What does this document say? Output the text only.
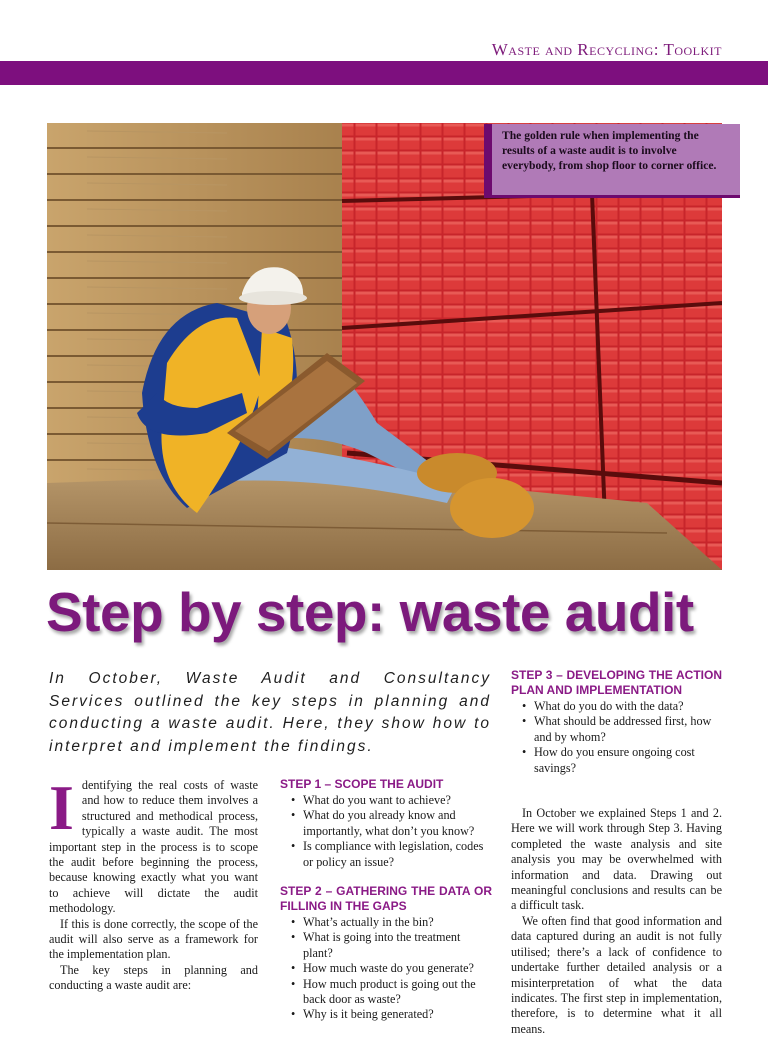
Waste and Recycling: Toolkit
The golden rule when implementing the results of a waste audit is to involve everybody, from shop floor to corner office.
Step by step: waste audit
In October, Waste Audit and Consultancy Services outlined the key steps in planning and conducting a waste audit. Here, they show how to interpret and implement the findings.
I dentifying the real costs of waste and how to reduce them involves a structured and methodical process, typically a waste audit. The most important step in the process is to scope the audit before beginning the process, because knowing exactly what you want to achieve will dictate the audit methodology.

If this is done correctly, the scope of the audit will also serve as a framework for the implementation plan.

The key steps in planning and conducting a waste audit are:

STEP 1 – SCOPE THE AUDIT
• What do you want to achieve?
• What do you already know and importantly, what don’t you know?
• Is compliance with legislation, codes or policy an issue?
STEP 2 – GATHERING THE DATA OR FILLING IN THE GAPS
• What’s actually in the bin?
• What is going into the treatment plant?
• How much waste do you generate?
• How much product is going out the back door as waste?
• Why is it being generated?
STEP 3 – DEVELOPING THE ACTION PLAN AND IMPLEMENTATION
• What do you do with the data?
• What should be addressed first, how and by whom?
• How do you ensure ongoing cost savings?

In October we explained Steps 1 and 2. Here we will work through Step 3. Having completed the waste analysis and site analysis you may be overwhelmed with information and data. Drawing out meaningful conclusions and results can be a difficult task.

We often find that good information and data captured during an audit is not fully utilised; there’s a lack of confidence to undertake further detailed analysis or a misinterpretation of what the data indicates. The first step in implementation, therefore, is to determine what it all means.
